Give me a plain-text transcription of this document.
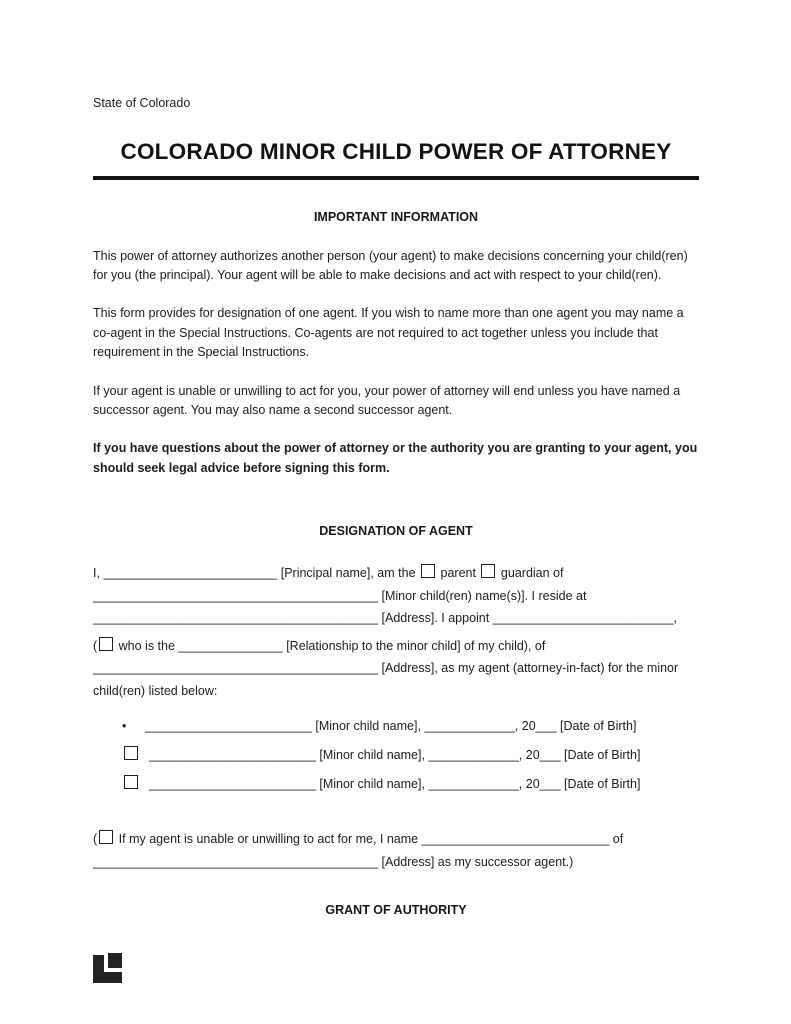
State of Colorado
COLORADO MINOR CHILD POWER OF ATTORNEY
IMPORTANT INFORMATION

This power of attorney authorizes another person (your agent) to make decisions concerning your child(ren) for you (the principal). Your agent will be able to make decisions and act with respect to your child(ren).

This form provides for designation of one agent. If you wish to name more than one agent you may name a co-agent in the Special Instructions. Co-agents are not required to act together unless you include that requirement in the Special Instructions.

If your agent is unable or unwilling to act for you, your power of attorney will end unless you have named a successor agent. You may also name a second successor agent.

If you have questions about the power of attorney or the authority you are granting to your agent, you should seek legal advice before signing this form.

DESIGNATION OF AGENT
I, _________________________ [Principal name], am the parent guardian of
_________________________________________ [Minor child(ren) name(s)]. I reside at
_________________________________________ [Address]. I appoint __________________________,
( who is the _______________ [Relationship to the minor child] of my child), of
_________________________________________ [Address], as my agent (attorney-in-fact) for the minor
child(ren) listed below:
• ________________________ [Minor child name], _____________, 20___ [Date of Birth]
________________________ [Minor child name], _____________, 20___ [Date of Birth]
________________________ [Minor child name], _____________, 20___ [Date of Birth]
( If my agent is unable or unwilling to act for me, I name ___________________________ of
_________________________________________ [Address] as my successor agent.)
GRANT OF AUTHORITY
